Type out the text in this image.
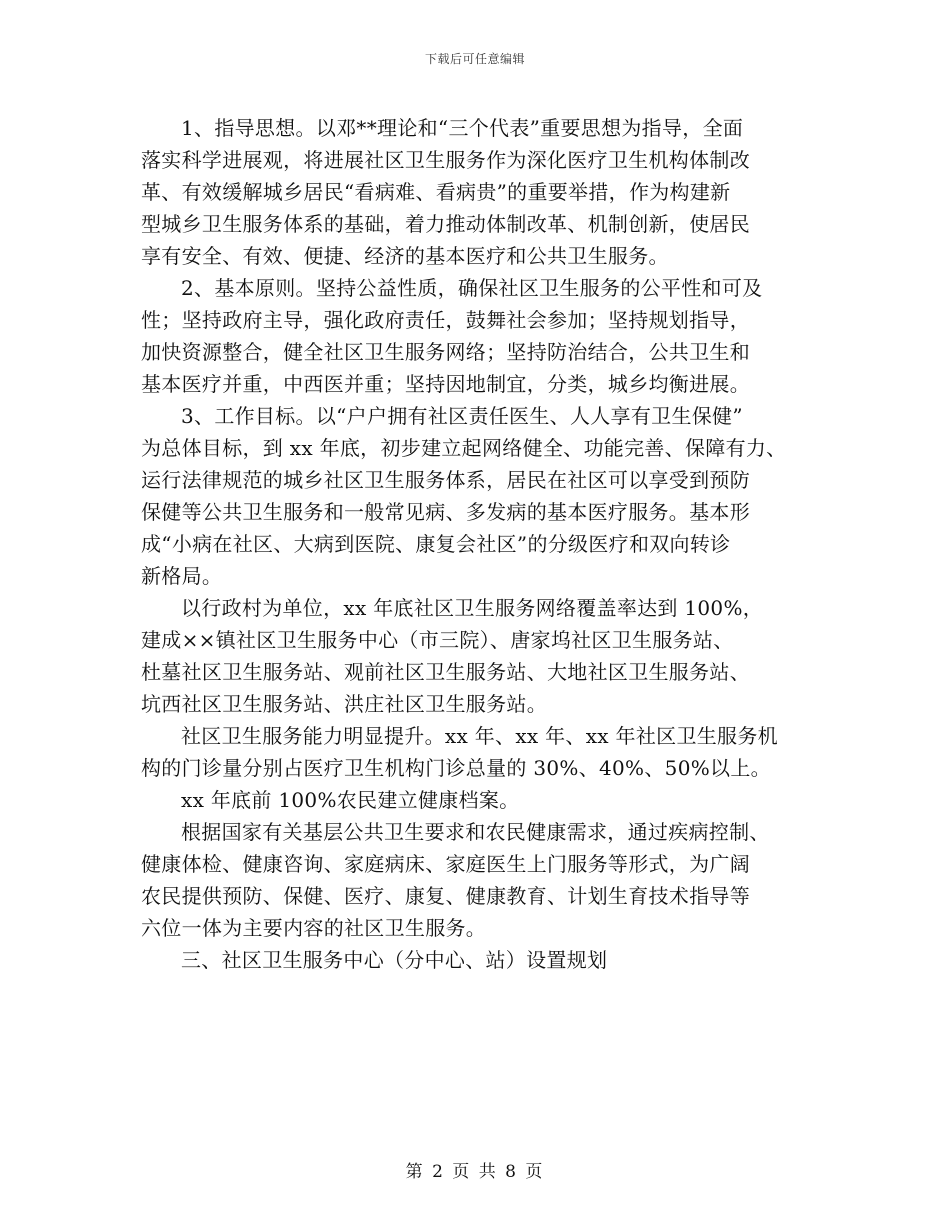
下载后可任意编辑
1、指导思想。以邓**理论和“三个代表”重要思想为指导，全面
落实科学进展观，将进展社区卫生服务作为深化医疗卫生机构体制改
革、有效缓解城乡居民“看病难、看病贵”的重要举措，作为构建新
型城乡卫生服务体系的基础，着力推动体制改革、机制创新，使居民
享有安全、有效、便捷、经济的基本医疗和公共卫生服务。
2、基本原则。坚持公益性质，确保社区卫生服务的公平性和可及
性；坚持政府主导，强化政府责任，鼓舞社会参加；坚持规划指导，
加快资源整合，健全社区卫生服务网络；坚持防治结合，公共卫生和
基本医疗并重，中西医并重；坚持因地制宜，分类，城乡均衡进展。
3、工作目标。以“户户拥有社区责任医生、人人享有卫生保健”
为总体目标，到 xx 年底，初步建立起网络健全、功能完善、保障有力、
运行法律规范的城乡社区卫生服务体系，居民在社区可以享受到预防
保健等公共卫生服务和一般常见病、多发病的基本医疗服务。基本形
成“小病在社区、大病到医院、康复会社区”的分级医疗和双向转诊
新格局。
以行政村为单位，xx 年底社区卫生服务网络覆盖率达到 100%，
建成××镇社区卫生服务中心（市三院）、唐家坞社区卫生服务站、
杜墓社区卫生服务站、观前社区卫生服务站、大地社区卫生服务站、
坑西社区卫生服务站、洪庄社区卫生服务站。
社区卫生服务能力明显提升。xx 年、xx 年、xx 年社区卫生服务机
构的门诊量分别占医疗卫生机构门诊总量的 30%、40%、50%以上。
xx 年底前 100%农民建立健康档案。
根据国家有关基层公共卫生要求和农民健康需求，通过疾病控制、
健康体检、健康咨询、家庭病床、家庭医生上门服务等形式，为广阔
农民提供预防、保健、医疗、康复、健康教育、计划生育技术指导等
六位一体为主要内容的社区卫生服务。
三、社区卫生服务中心（分中心、站）设置规划
第 2 页 共 8 页
